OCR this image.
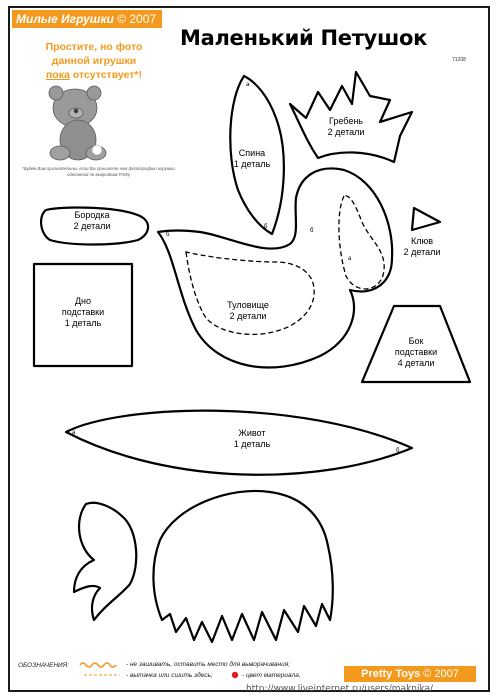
Милые Игрушки © 2007
Простите, но фото
данной игрушки
пока отсутствует*!
*Будем Вам признательны, если Вы пришлете нам фотографию игрушки,
сделанной по выкройкам Pretty.
Маленький Петушок
71208
Спина
1 деталь
Гребень
2 детали
Бородка
2 детали
Клюв
2 детали
Дно
подставки
1 деталь
Туловище
2 детали
Бок
подставки
4 детали
Живот
1 деталь
а
б
б
б
а
а
б
ОБОЗНАЧЕНИЯ:	- не зашивать, оставить место для выворачивания;
- вытачка или сшить здесь;	- цвет материала.	Pretty Toys © 2007
http://www.liveinternet.ru/users/maknika/
